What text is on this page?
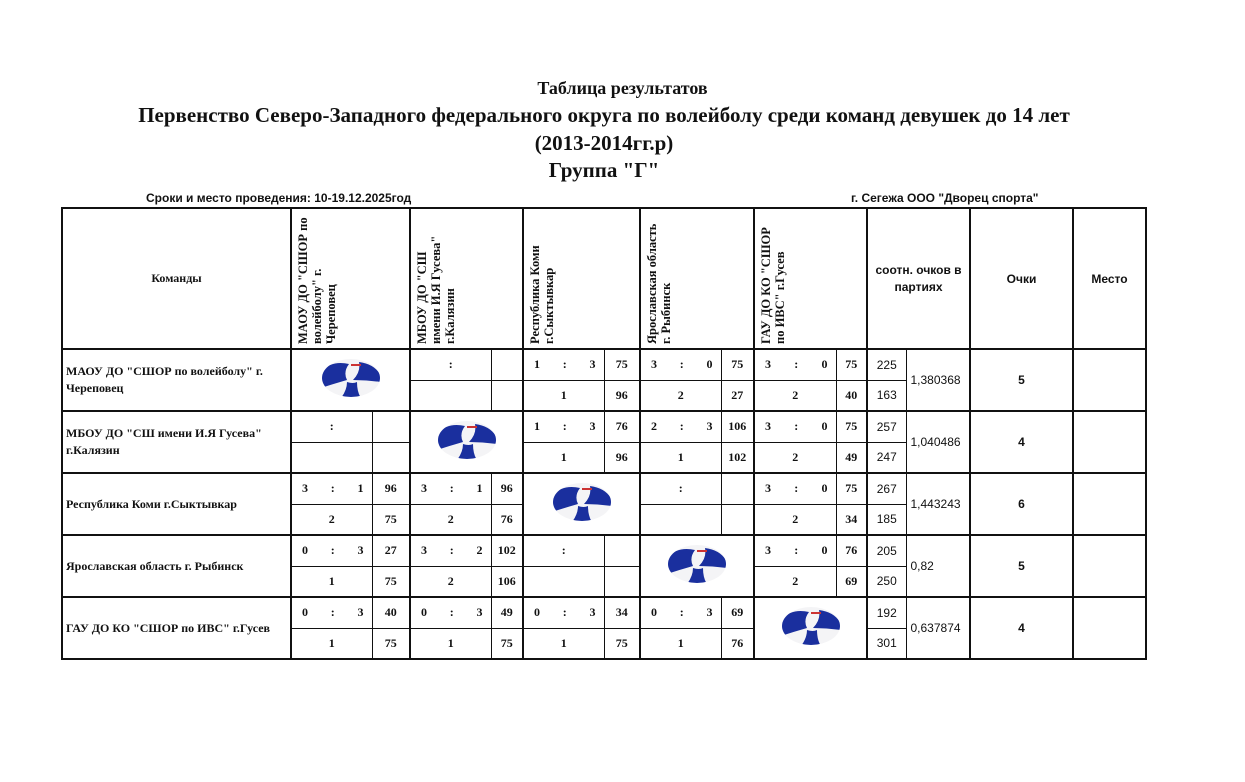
Таблица результатов
Первенство Северо-Западного федерального округа по волейболу среди команд девушек до 14 лет
(2013-2014гг.р)
Группа "Г"
Сроки и место проведения: 10-19.12.2025год	г. Сегежа ООО "Дворец спорта"
Команды	МАОУ ДО "СШОР по волейболу" г. Череповец		МБОУ ДО "СШ имени И.Я Гусева" г.Калязин		Республика Коми г.Сыктывкар		Ярославская область г. Рыбинск		ГАУ ДО КО "СШОР по ИВС" г.Гусев		соотн. очков в партиях		Очки	Место
МАОУ ДО "СШОР по волейболу" г. Череповец			:		1 : 3	75	3 : 0	75	3 : 0	75	225	1,380368	5	
					1	96	2	27	2	40	163			
МБОУ ДО "СШ имени И.Я Гусева" г.Калязин	:				1 : 3	76	2 : 3	106	3 : 0	75	257	1,040486	4	
					1	96	1	102	2	49	247			
Республика Коми г.Сыктывкар	3 : 1	96	3 : 1	96			:		3 : 0	75	267	1,443243	6	
	2	75	2	76					2	34	185			
Ярославская область г. Рыбинск	0 : 3	27	3 : 2	102	:				3 : 0	76	205	0,82	5	
	1	75	2	106					2	69	250			
ГАУ ДО КО "СШОР по ИВС" г.Гусев	0 : 3	40	0 : 3	49	0 : 3	34	0 : 3	69			192	0,637874	4	
	1	75	1	75	1	75	1	76			301			
